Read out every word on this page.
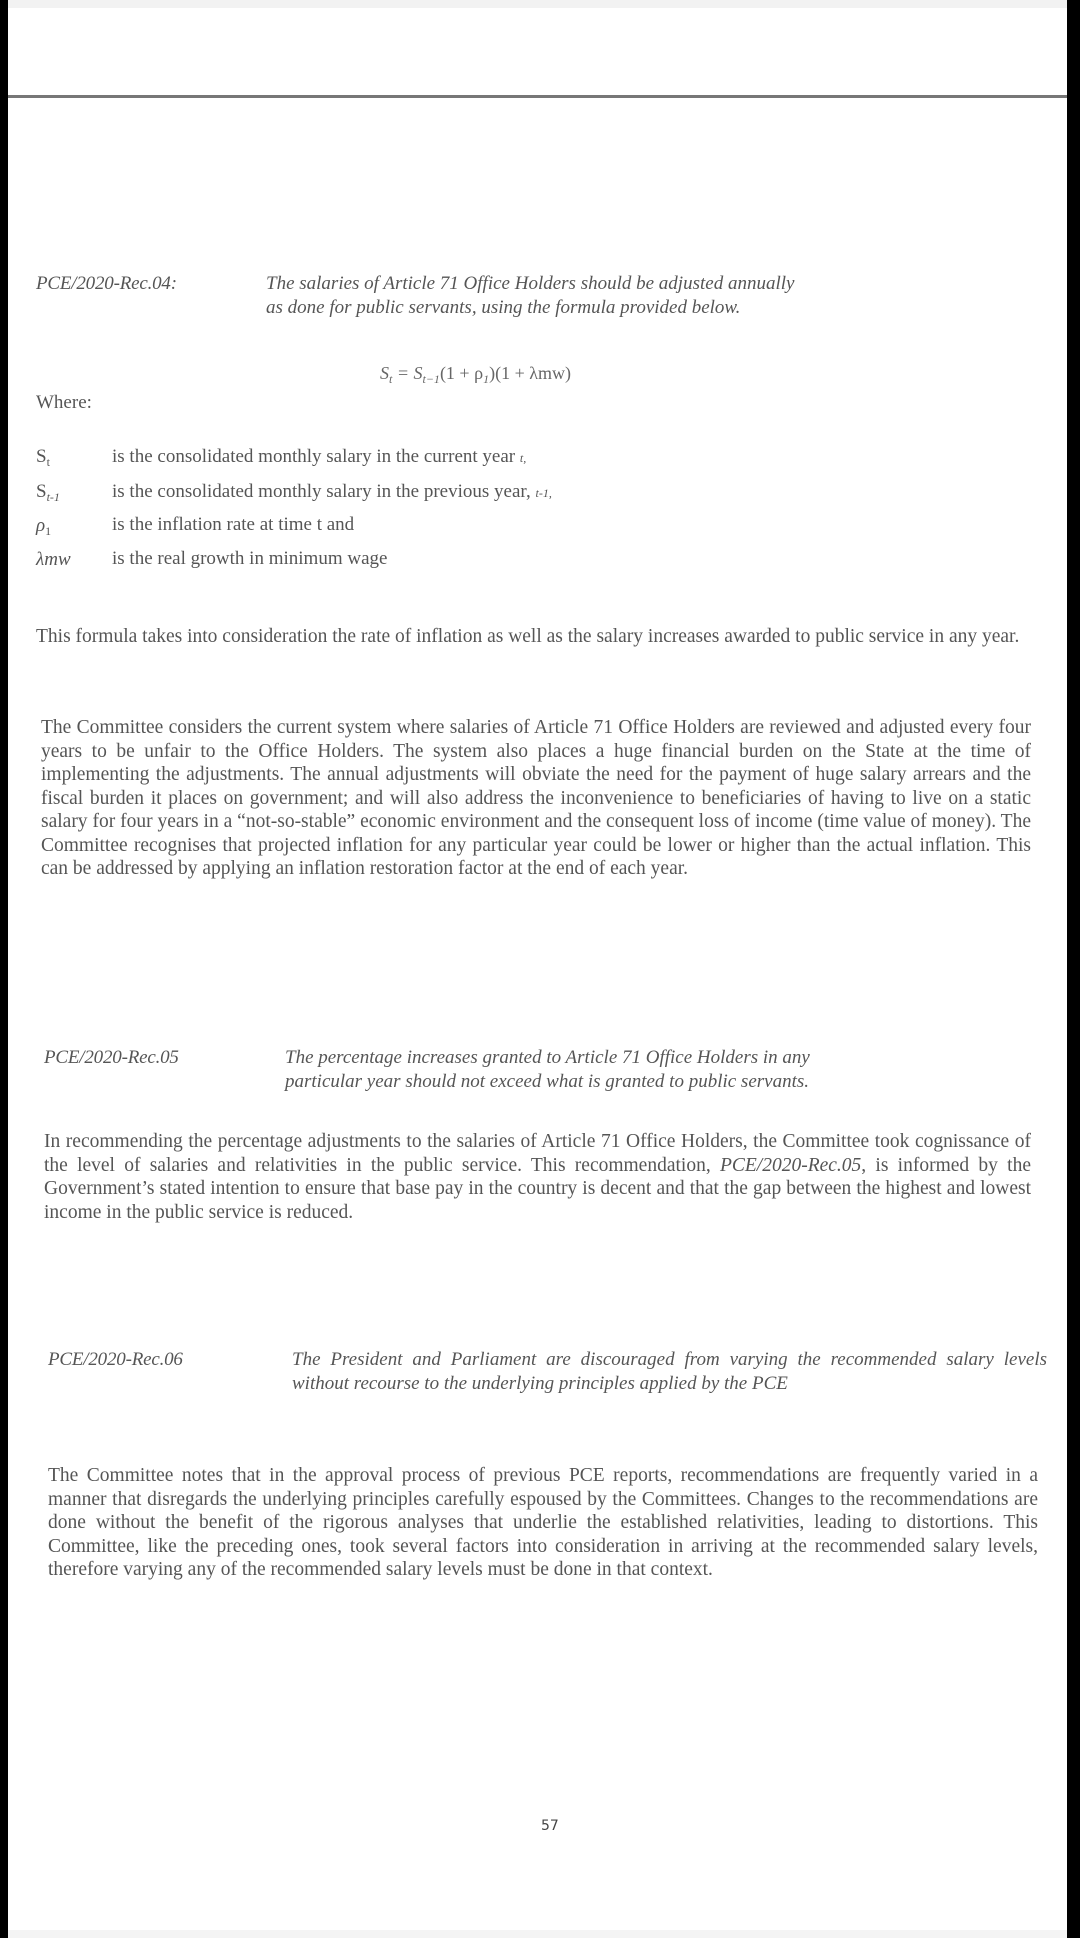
PCE/2020-Rec.04:	The salaries of Article 71 Office Holders should be adjusted annually
as done for public servants, using the formula provided below.
$S_t = S_{t-1}(1 + \rho_1)(1 + \lambda mw)$
Where:
$S_t$	is the consolidated monthly salary in the current year t,
$S_{t-1}$	is the consolidated monthly salary in the previous year, t-1,
$\rho_1$	is the inflation rate at time t and
λmw is the real growth in minimum wage
This formula takes into consideration the rate of inflation as well as the salary increases awarded to public service in any year.
The Committee considers the current system where salaries of Article 71 Office Holders are reviewed and adjusted every four years to be unfair to the Office Holders. The system also places a huge financial burden on the State at the time of implementing the adjustments. The annual adjustments will obviate the need for the payment of huge salary arrears and the fiscal burden it places on government; and will also address the inconvenience to beneficiaries of having to live on a static salary for four years in a “not-so-stable” economic environment and the consequent loss of income (time value of money). The Committee recognises that projected inflation for any particular year could be lower or higher than the actual inflation. This can be addressed by applying an inflation restoration factor at the end of each year.
PCE/2020-Rec.05	The percentage increases granted to Article 71 Office Holders in any
particular year should not exceed what is granted to public servants.
In recommending the percentage adjustments to the salaries of Article 71 Office Holders, the Committee took cognissance of the level of salaries and relativities in the public service. This recommendation, PCE/2020-Rec.05, is informed by the Government’s stated intention to ensure that base pay in the country is decent and that the gap between the highest and lowest income in the public service is reduced.
PCE/2020-Rec.06	The President and Parliament are discouraged from varying the recommended salary levels without recourse to the underlying principles applied by the PCE
The Committee notes that in the approval process of previous PCE reports, recommendations are frequently varied in a manner that disregards the underlying principles carefully espoused by the Committees. Changes to the recommendations are done without the benefit of the rigorous analyses that underlie the established relativities, leading to distortions. This Committee, like the preceding ones, took several factors into consideration in arriving at the recommended salary levels, therefore varying any of the recommended salary levels must be done in that context.
57
